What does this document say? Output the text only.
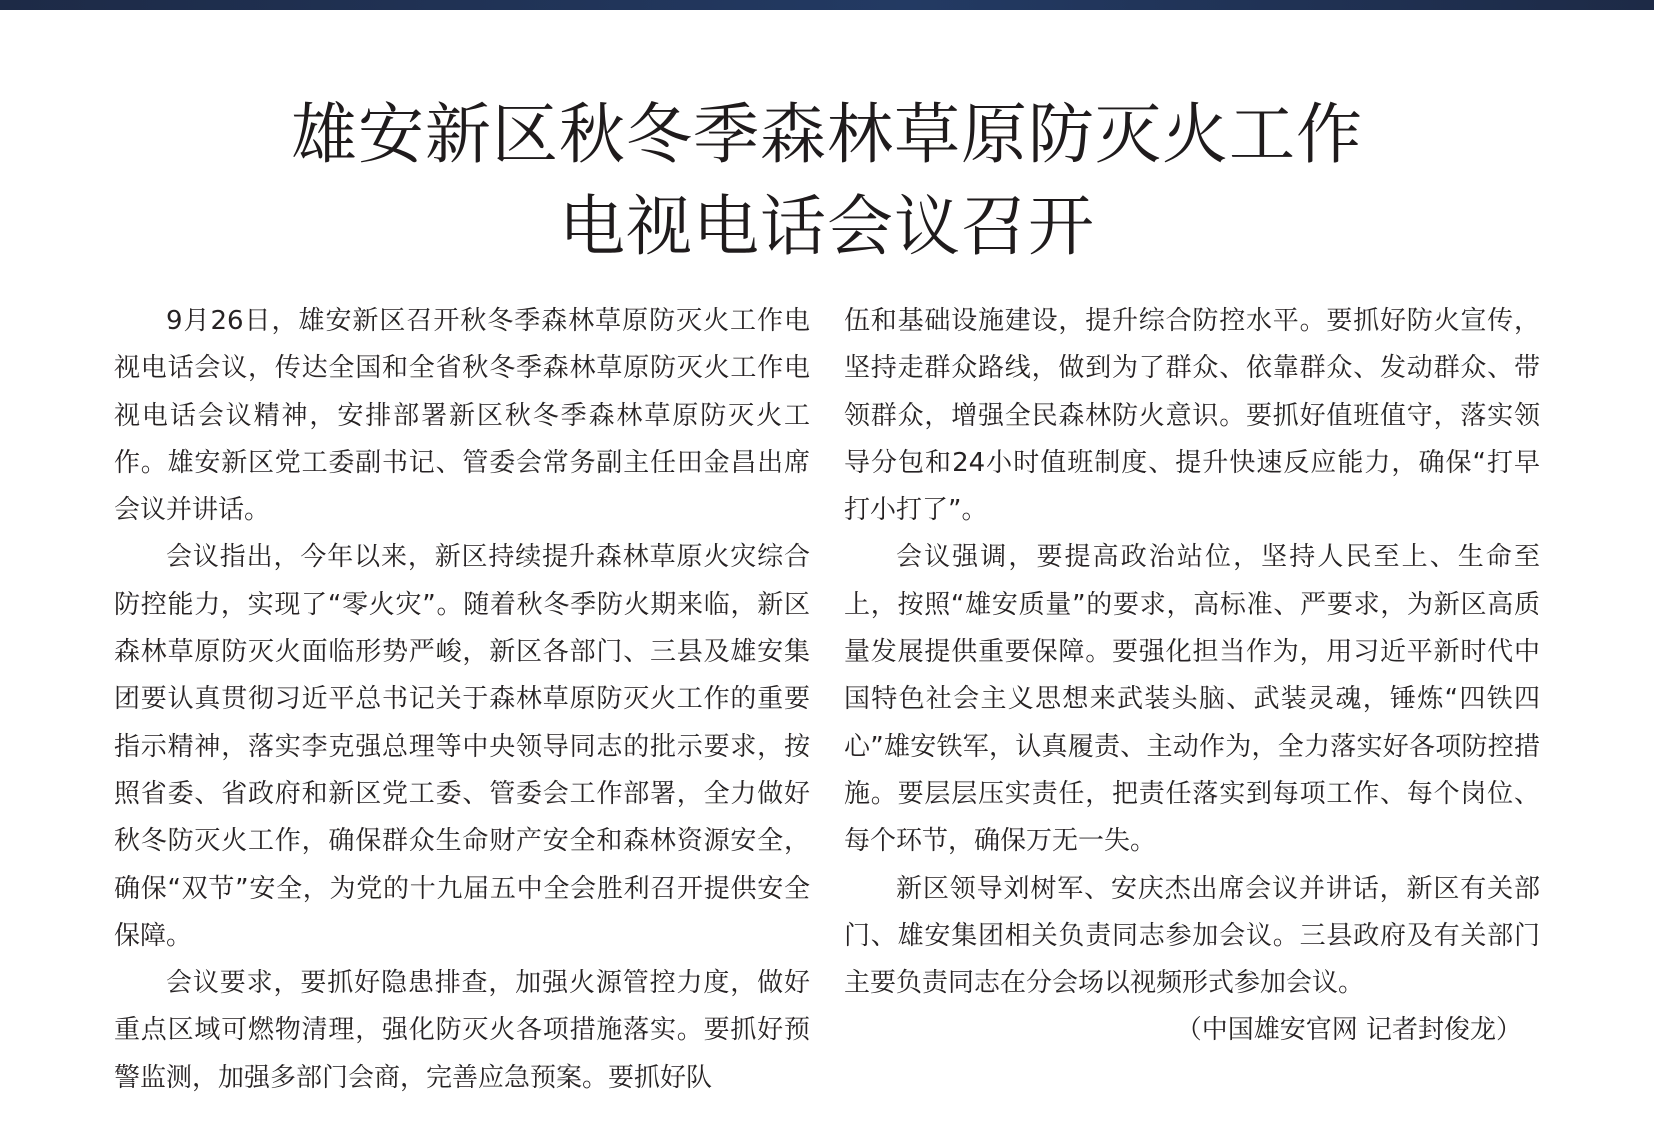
雄安新区秋冬季森林草原防灭火工作
电视电话会议召开

9月26日，雄安新区召开秋冬季森林草原防灭火工作电视电话会议，传达全国和全省秋冬季森林草原防灭火工作电视电话会议精神，安排部署新区秋冬季森林草原防灭火工作。雄安新区党工委副书记、管委会常务副主任田金昌出席会议并讲话。

会议指出，今年以来，新区持续提升森林草原火灾综合防控能力，实现了“零火灾”。随着秋冬季防火期来临，新区森林草原防灭火面临形势严峻，新区各部门、三县及雄安集团要认真贯彻习近平总书记关于森林草原防灭火工作的重要指示精神，落实李克强总理等中央领导同志的批示要求，按照省委、省政府和新区党工委、管委会工作部署，全力做好秋冬防灭火工作，确保群众生命财产安全和森林资源安全，确保“双节”安全，为党的十九届五中全会胜利召开提供安全保障。

会议要求，要抓好隐患排查，加强火源管控力度，做好重点区域可燃物清理，强化防灭火各项措施落实。要抓好预警监测，加强多部门会商，完善应急预案。要抓好队

伍和基础设施建设，提升综合防控水平。要抓好防火宣传，坚持走群众路线，做到为了群众、依靠群众、发动群众、带领群众，增强全民森林防火意识。要抓好值班值守，落实领导分包和24小时值班制度、提升快速反应能力，确保“打早打小打了”。

会议强调，要提高政治站位，坚持人民至上、生命至上，按照“雄安质量”的要求，高标准、严要求，为新区高质量发展提供重要保障。要强化担当作为，用习近平新时代中国特色社会主义思想来武装头脑、武装灵魂，锤炼“四铁四心”雄安铁军，认真履责、主动作为，全力落实好各项防控措施。要层层压实责任，把责任落实到每项工作、每个岗位、每个环节，确保万无一失。

新区领导刘树军、安庆杰出席会议并讲话，新区有关部门、雄安集团相关负责同志参加会议。三县政府及有关部门主要负责同志在分会场以视频形式参加会议。

（中国雄安官网 记者封俊龙）
